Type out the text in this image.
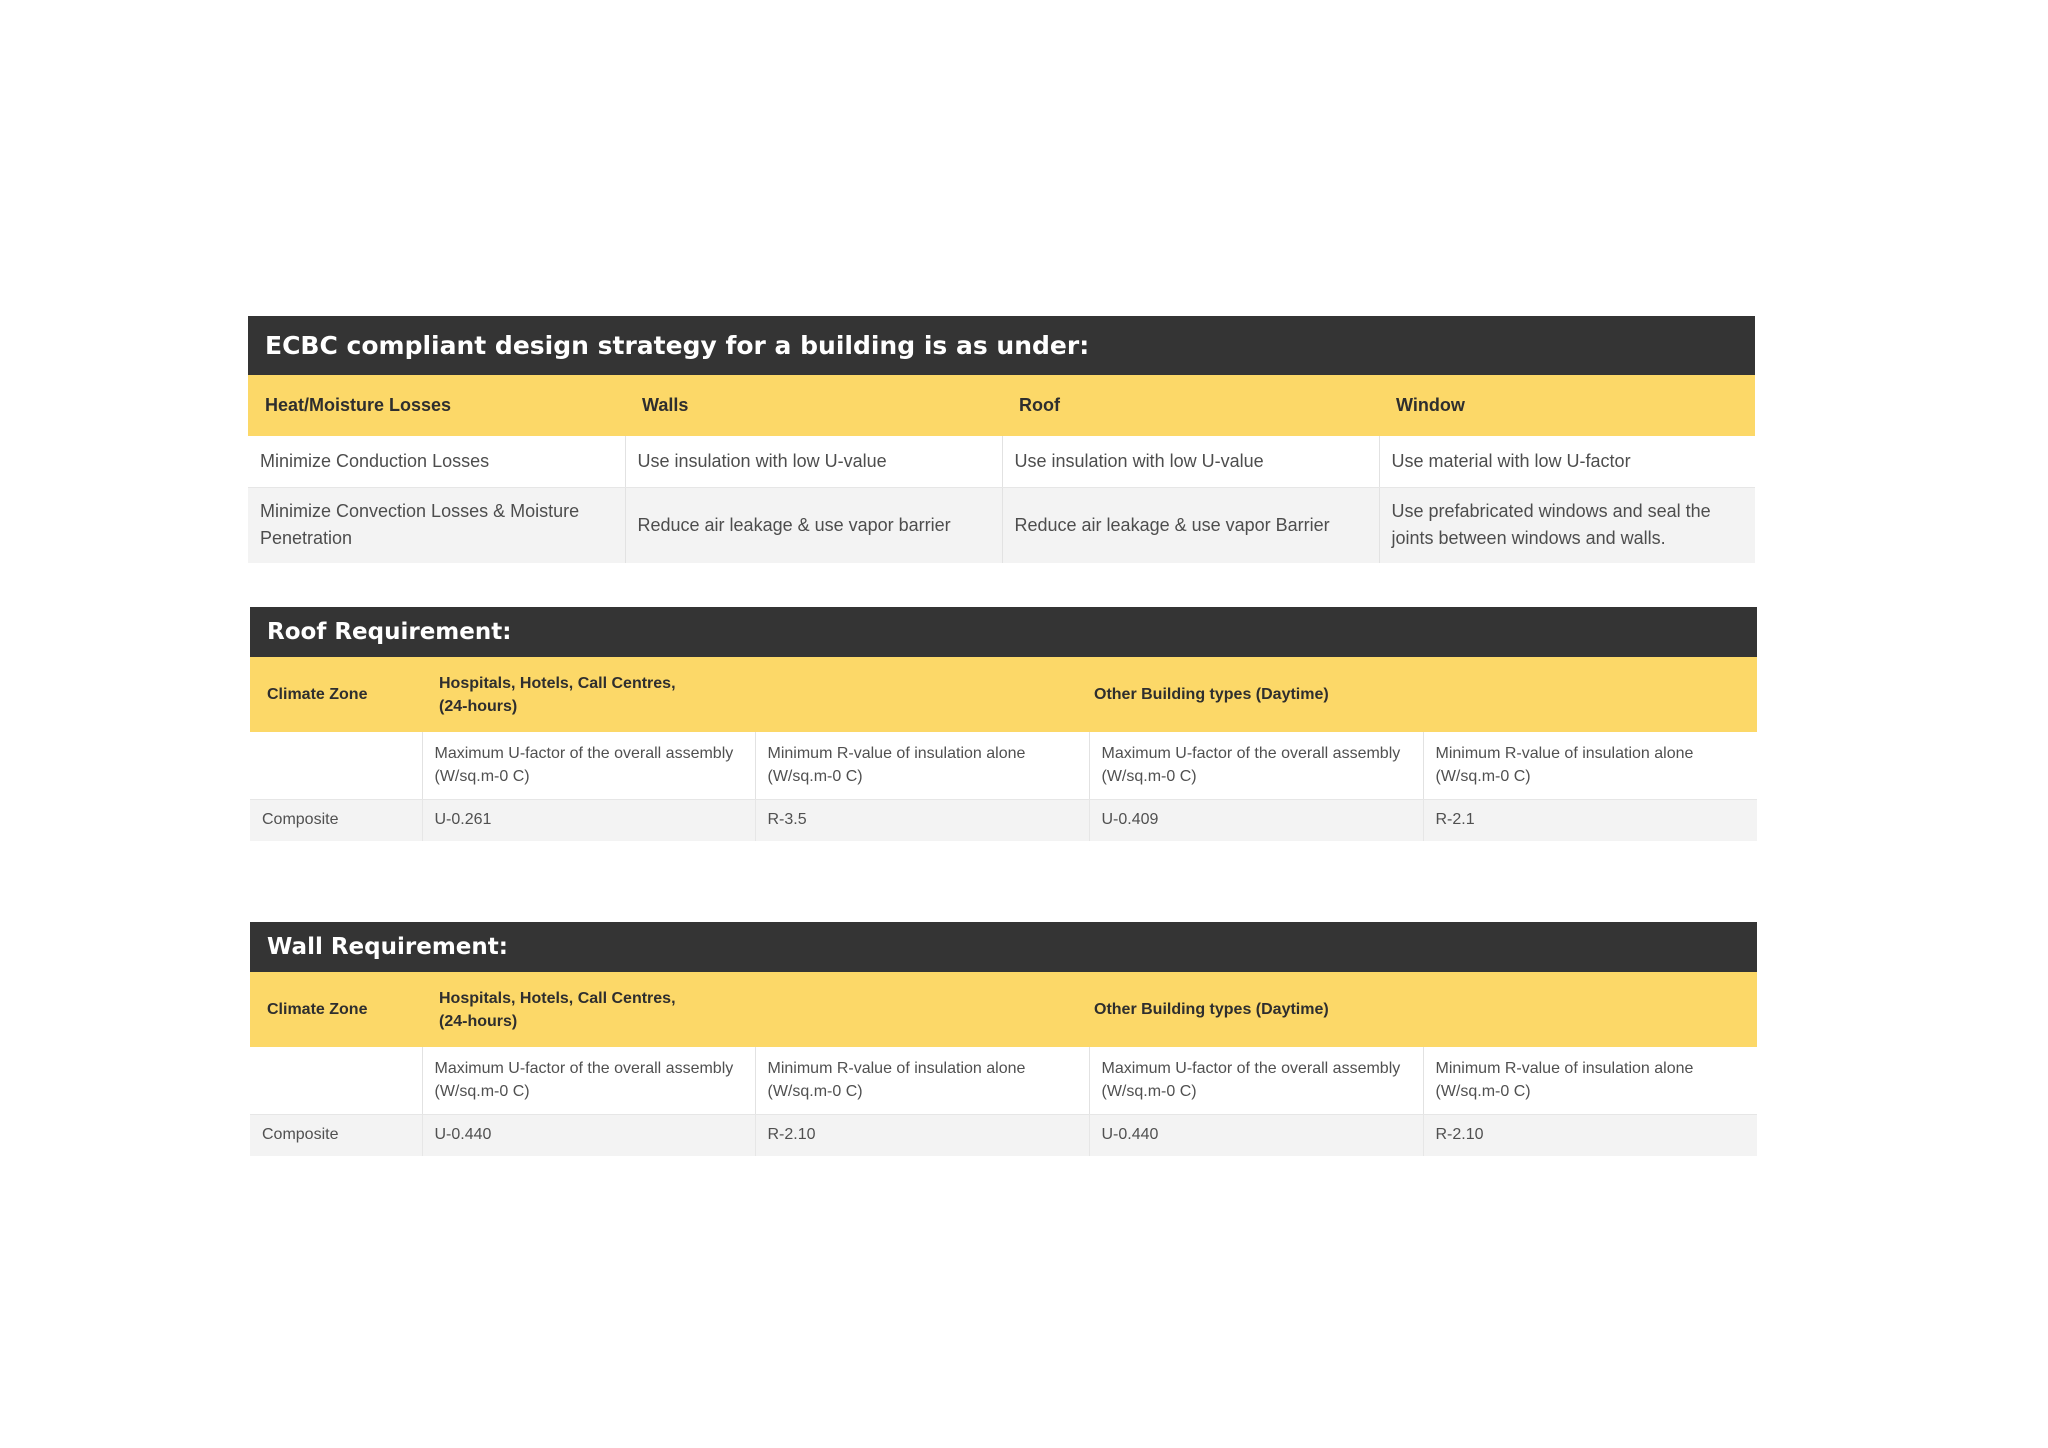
ECBC compliant design strategy for a building is as under:
Heat/Moisture Losses	Walls	Roof	Window
Minimize Conduction Losses	Use insulation with low U-value	Use insulation with low U-value	Use material with low U-factor
Minimize Convection Losses & Moisture Penetration	Reduce air leakage & use vapor barrier	Reduce air leakage & use vapor Barrier	Use prefabricated windows and seal the joints between windows and walls.
Roof Requirement:
Climate Zone	Hospitals, Hotels, Call Centres, (24-hours)	Other Building types (Daytime)		
	Maximum U-factor of the overall assembly (W/sq.m-0 C)	Minimum R-value of insulation alone (W/sq.m-0 C)	Maximum U-factor of the overall assembly (W/sq.m-0 C)	Minimum R-value of insulation alone (W/sq.m-0 C)
Composite	U-0.261	R-3.5	U-0.409	R-2.1
Wall Requirement:
Climate Zone	Hospitals, Hotels, Call Centres, (24-hours)	Other Building types (Daytime)		
	Maximum U-factor of the overall assembly (W/sq.m-0 C)	Minimum R-value of insulation alone (W/sq.m-0 C)	Maximum U-factor of the overall assembly (W/sq.m-0 C)	Minimum R-value of insulation alone (W/sq.m-0 C)
Composite	U-0.440	R-2.10	U-0.440	R-2.10
